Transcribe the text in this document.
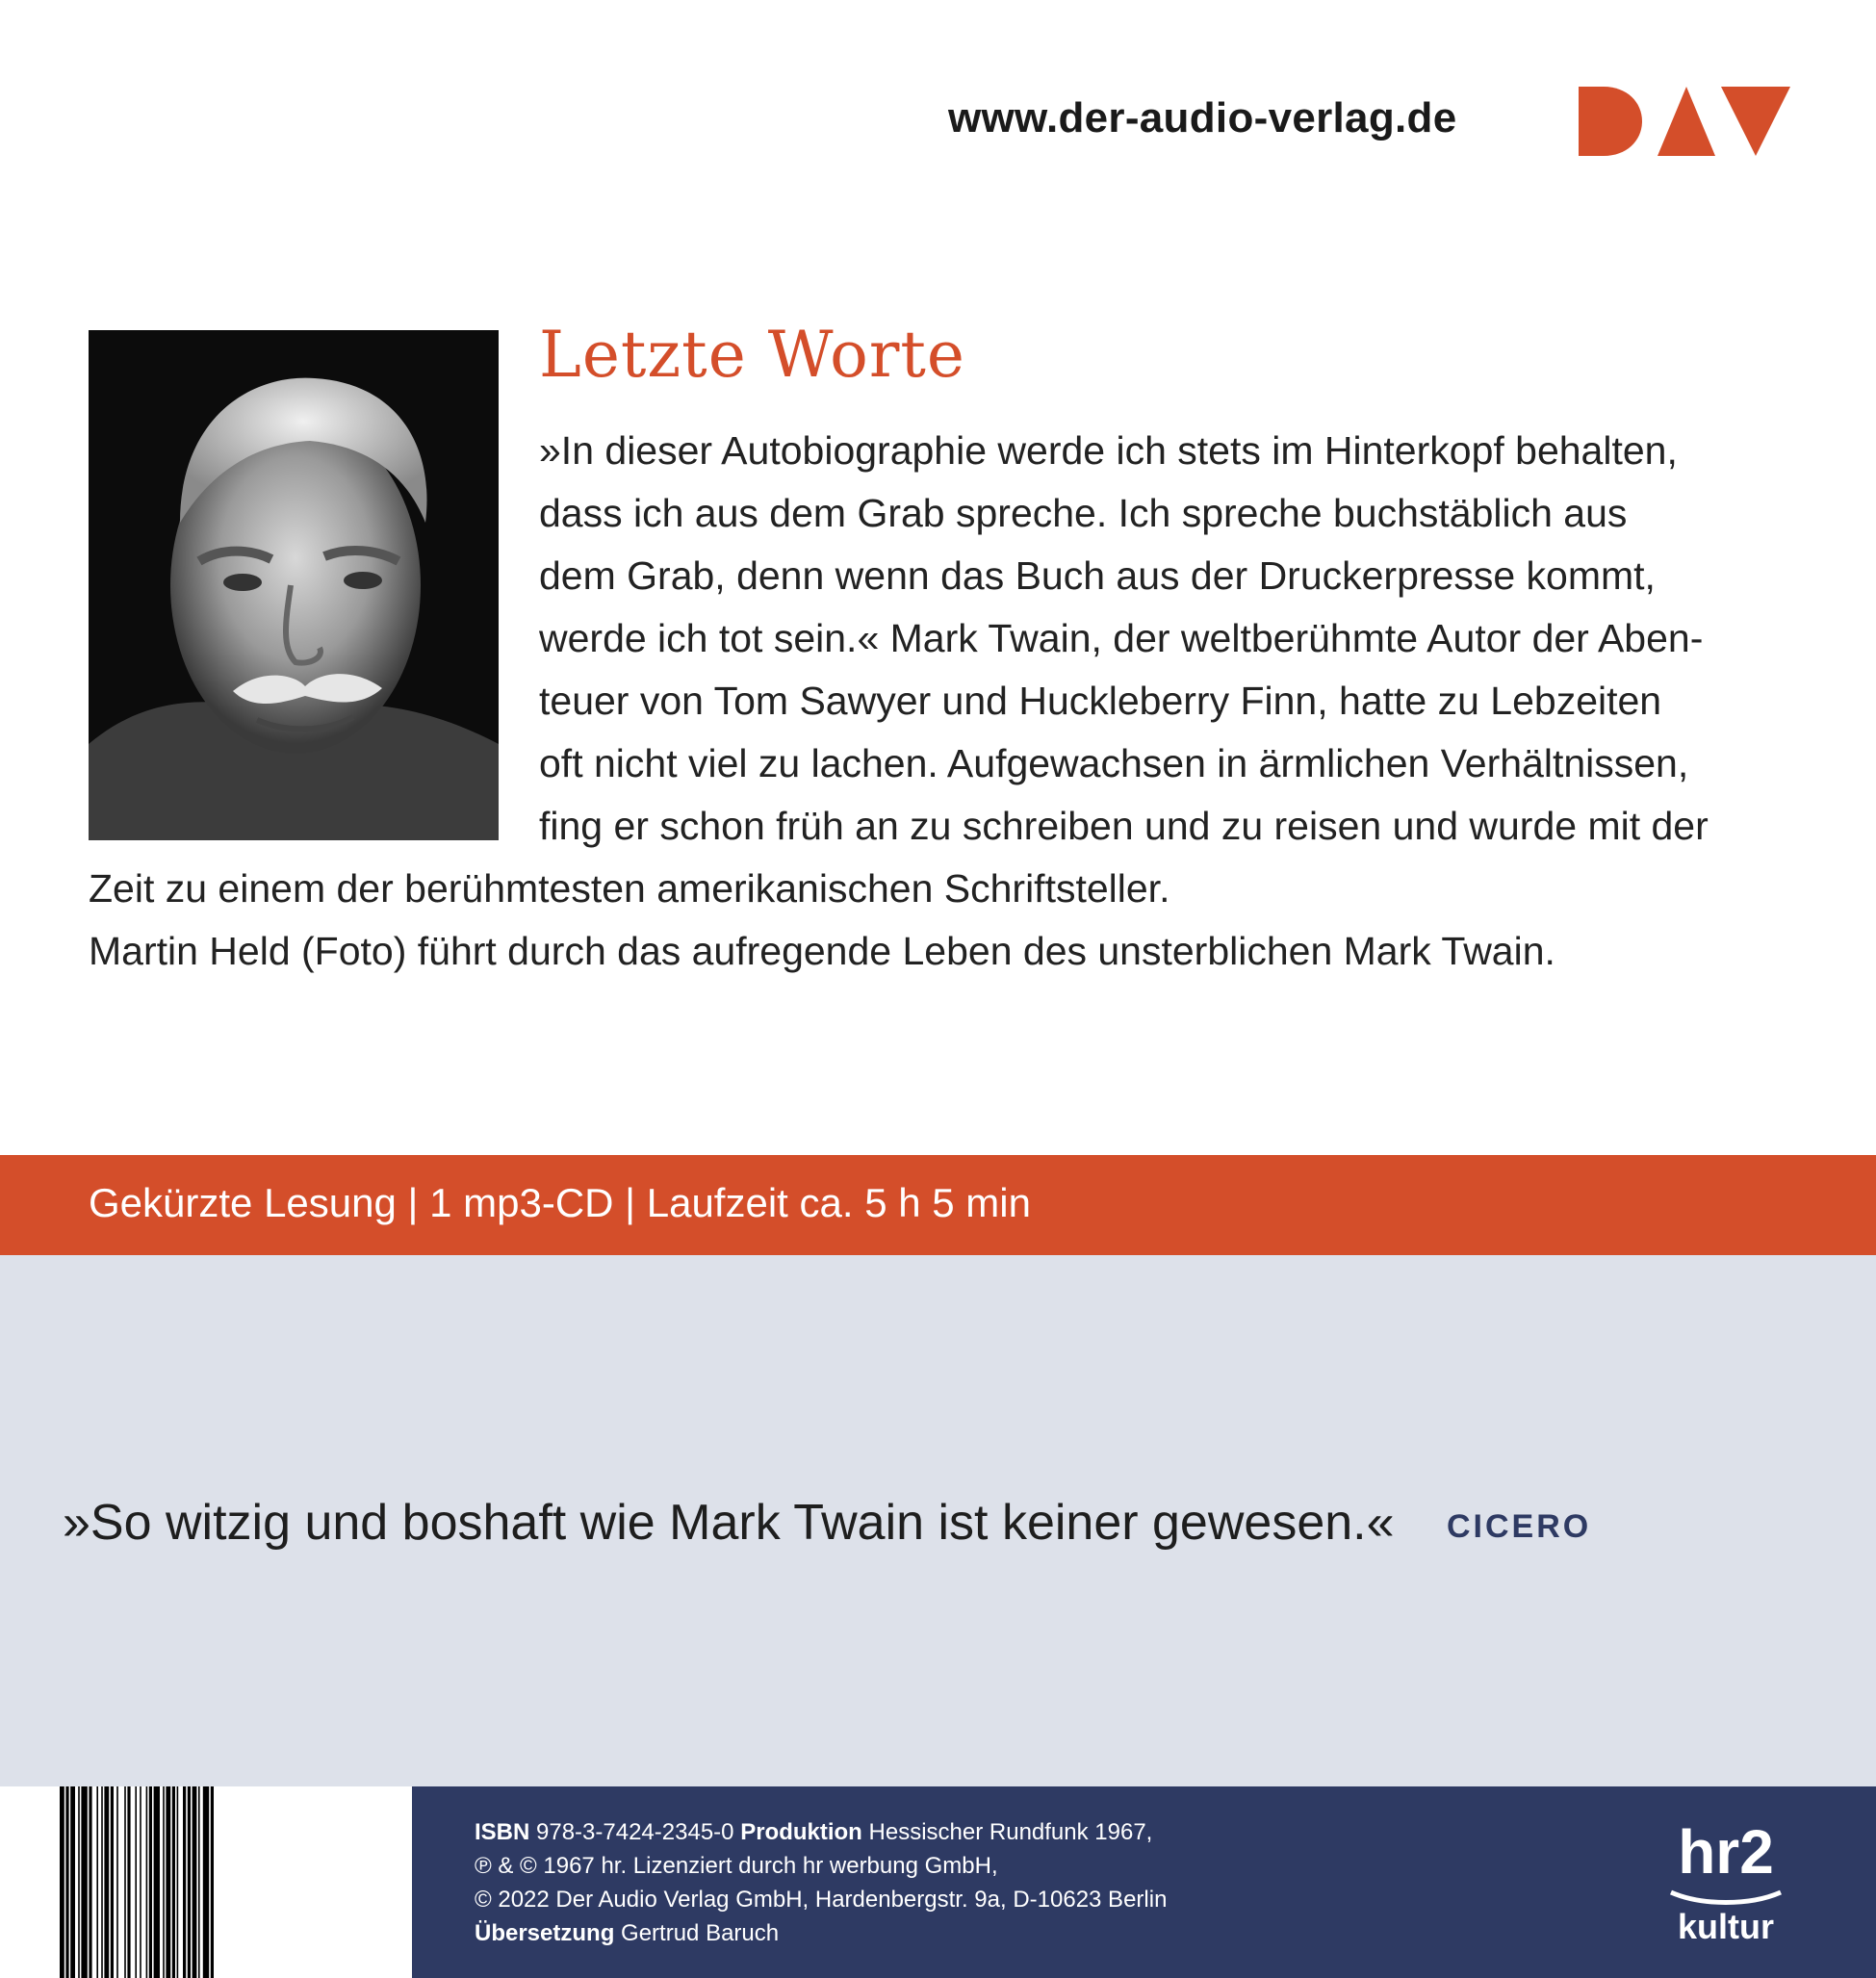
www.der-audio-verlag.de
Letzte Worte
»In dieser Autobiographie werde ich stets im Hinterkopf behalten,
dass ich aus dem Grab spreche. Ich spreche buchstäblich aus
dem Grab, denn wenn das Buch aus der Druckerpresse kommt,
werde ich tot sein.« Mark Twain, der weltberühmte Autor der Aben-
teuer von Tom Sawyer und Huckleberry Finn, hatte zu Lebzeiten
oft nicht viel zu lachen. Aufgewachsen in ärmlichen Verhältnissen,
fing er schon früh an zu schreiben und zu reisen und wurde mit der
Zeit zu einem der berühmtesten amerikanischen Schriftsteller.
Martin Held (Foto) führt durch das aufregende Leben des unsterblichen Mark Twain.
Gekürzte Lesung | 1 mp3-CD | Laufzeit ca. 5 h 5 min
»So witzig und boshaft wie Mark Twain ist keiner gewesen.« CICERO
ISBN 978-3-7424-2345-0 Produktion Hessischer Rundfunk 1967,
℗ & © 1967 hr. Lizenziert durch hr werbung GmbH,
© 2022 Der Audio Verlag GmbH, Hardenbergstr. 9a, D-10623 Berlin
Übersetzung Gertrud Baruch
hr2
kultur
